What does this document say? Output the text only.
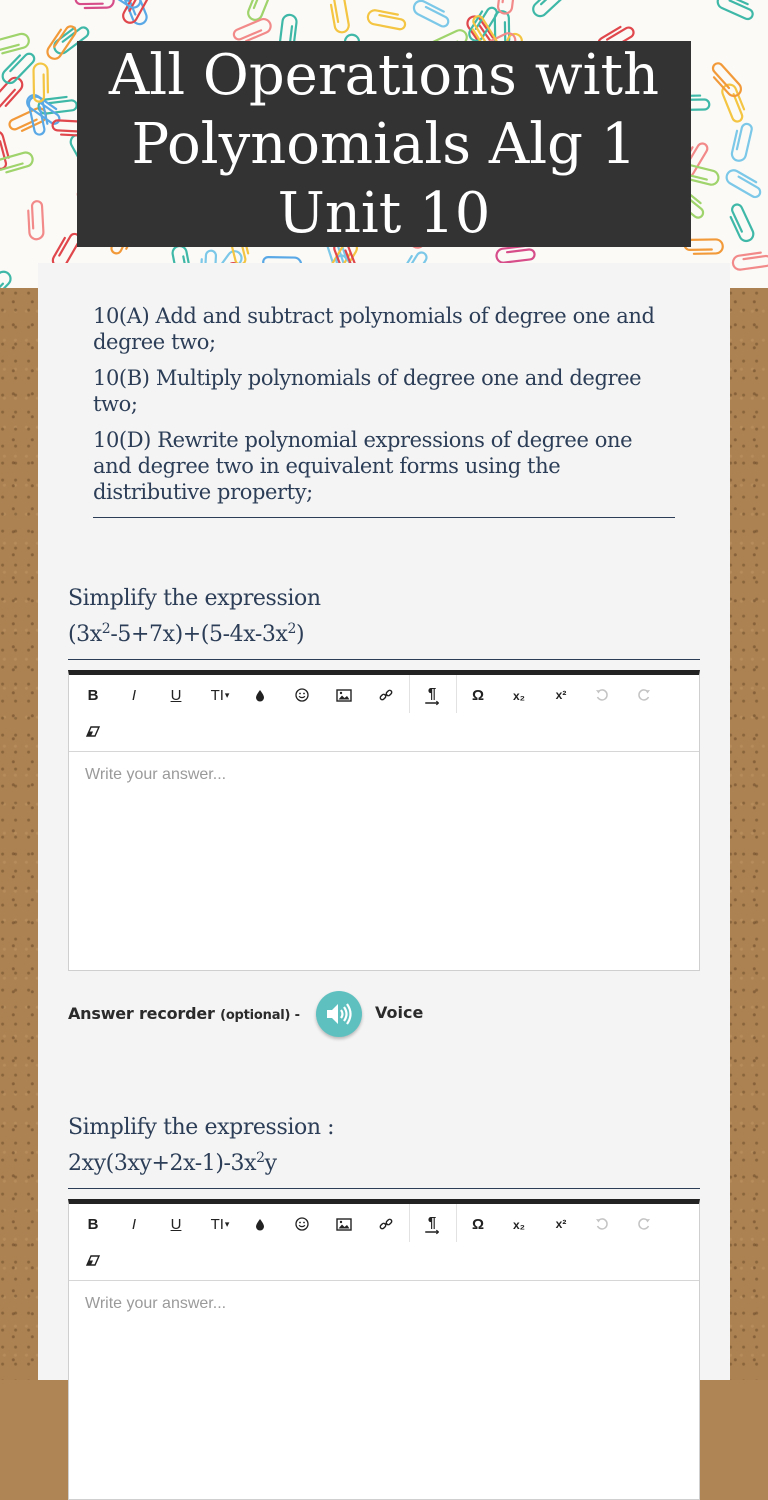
All Operations with Polynomials Alg 1 Unit 10

10(A) Add and subtract polynomials of degree one and degree two;

10(B) Multiply polynomials of degree one and degree two;

10(D) Rewrite polynomial expressions of degree one and degree two in equivalent forms using the distributive property;

Simplify the expression
$(3x^2-5+7x)+(5-4x-3x^2)$
B	I	U	TI ▾	¶
⟶	Ω	x₂	x²
Write your answer...
Answer recorder (optional) -	Voice
Simplify the expression :
$2xy(3xy+2x-1)-3x^2y$
B	I	U	TI ▾	¶
⟶	Ω	x₂	x²
Write your answer...
